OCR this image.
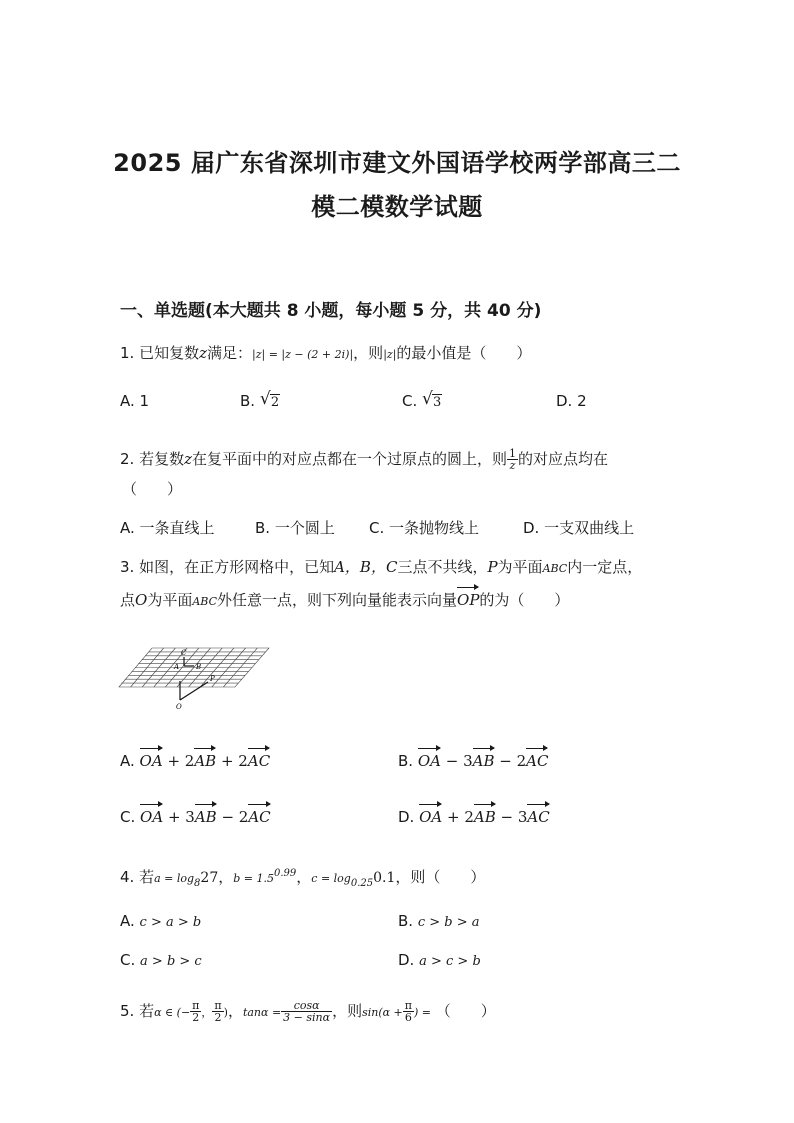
2025 届广东省深圳市建文外国语学校两学部高三二
模二模数学试题
一、单选题(本大题共 8 小题，每小题 5 分，共 40 分)
1. 已知复数z满足：|z| = |z − (2 + 2i)|，则|z|的最小值是（　　）
A. 1	B. √ 2	C. √ 3	D. 2
2. 若复数z在复平面中的对应点都在一个过原点的圆上，则 $\frac{1}{z}$ 的对应点均在
（　　）
A. 一条直线上	B. 一个圆上 C. 一条抛物线上	D. 一支双曲线上
3. 如图，在正方形网格中，已知A，B，C三点不共线，P为平面ABC内一定点，
点O为平面ABC外任意一点，则下列向量能表示向量OP的为（　　）
C
A B
P
O
A. OA + 2AB + 2AC	B. OA − 3AB − 2AC
C. OA + 3AB − 2AC	D. OA + 2AB − 3AC
4. 若a = log827，b = 1.50.99，c = log0.250.1，则（　　）
A. c > a > b	B. c > b > a
C. a > b > c	D. a > c > b
5. 若α ∈ (− $\frac{\pi}{2}$ ， $\frac{\pi}{2}$ )，$\tan\alpha = \frac{\cos\alpha}{3 - \sin\alpha}$ ，则$\sin(\alpha + \frac{\pi}{6}$ ) = （　　）
